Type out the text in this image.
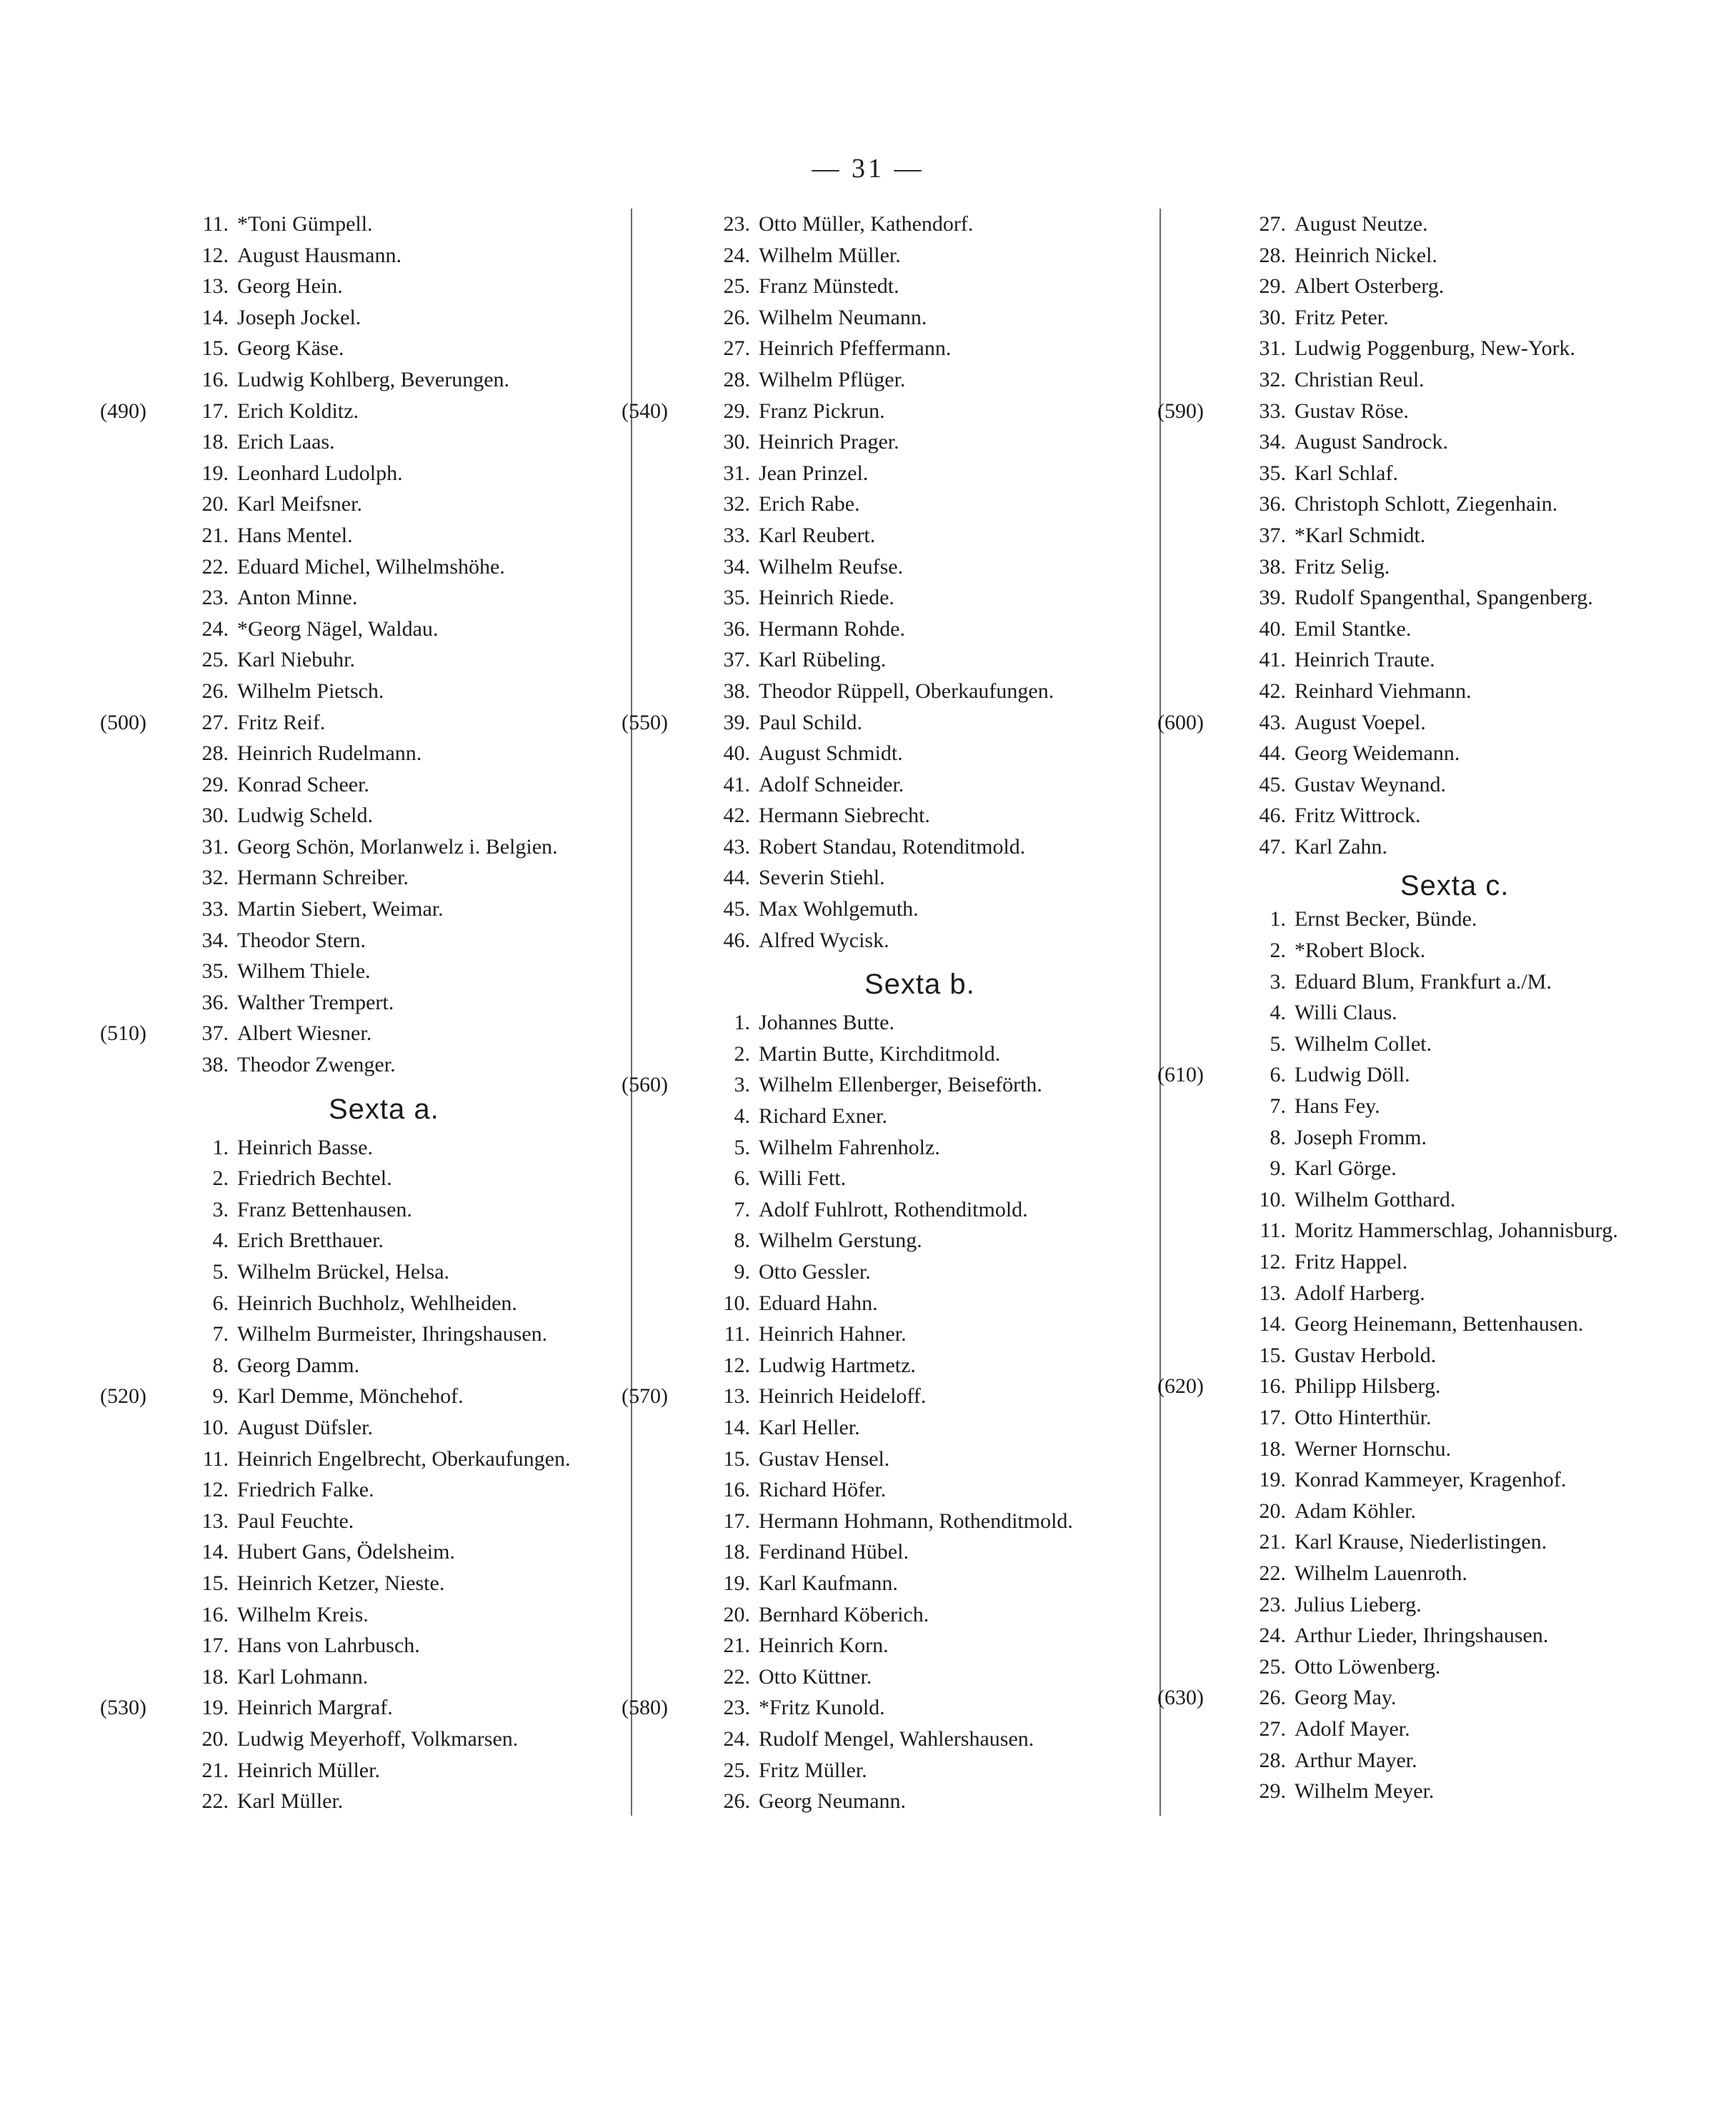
— 31 —
11. *Toni Gümpell.
12. August Hausmann.
13. Georg Hein.
14. Joseph Jockel.
15. Georg Käse.
16. Ludwig Kohlberg, Beverungen.
(490)	17. Erich Kolditz.
18. Erich Laas.
19. Leonhard Ludolph.
20. Karl Meifsner.
21. Hans Mentel.
22. Eduard Michel, Wilhelmshöhe.
23. Anton Minne.
24. *Georg Nägel, Waldau.
25. Karl Niebuhr.
26. Wilhelm Pietsch.
(500)	27. Fritz Reif.
28. Heinrich Rudelmann.
29. Konrad Scheer.
30. Ludwig Scheld.
31. Georg Schön, Morlanwelz i. Belgien.
32. Hermann Schreiber.
33. Martin Siebert, Weimar.
34. Theodor Stern.
35. Wilhem Thiele.
36. Walther Trempert.
(510)	37. Albert Wiesner.
38. Theodor Zwenger.
Sexta a.
1. Heinrich Basse.
2. Friedrich Bechtel.
3. Franz Bettenhausen.
4. Erich Bretthauer.
5. Wilhelm Brückel, Helsa.
6. Heinrich Buchholz, Wehlheiden.
7. Wilhelm Burmeister, Ihringshausen.
8. Georg Damm.
(520)	9. Karl Demme, Mönchehof.
10. August Düfsler.
11. Heinrich Engelbrecht, Oberkaufungen.
12. Friedrich Falke.
13. Paul Feuchte.
14. Hubert Gans, Ödelsheim.
15. Heinrich Ketzer, Nieste.
16. Wilhelm Kreis.
17. Hans von Lahrbusch.
18. Karl Lohmann.
(530)	19. Heinrich Margraf.
20. Ludwig Meyerhoff, Volkmarsen.
21. Heinrich Müller.
22. Karl Müller.
23. Otto Müller, Kathendorf.
24. Wilhelm Müller.
25. Franz Münstedt.
26. Wilhelm Neumann.
27. Heinrich Pfeffermann.
28. Wilhelm Pflüger.
(540)	29. Franz Pickrun.
30. Heinrich Prager.
31. Jean Prinzel.
32. Erich Rabe.
33. Karl Reubert.
34. Wilhelm Reufse.
35. Heinrich Riede.
36. Hermann Rohde.
37. Karl Rübeling.
38. Theodor Rüppell, Oberkaufungen.
(550)	39. Paul Schild.
40. August Schmidt.
41. Adolf Schneider.
42. Hermann Siebrecht.
43. Robert Standau, Rotenditmold.
44. Severin Stiehl.
45. Max Wohlgemuth.
46. Alfred Wycisk.
Sexta b.
1. Johannes Butte.
2. Martin Butte, Kirchditmold.
(560)	3. Wilhelm Ellenberger, Beiseförth.
4. Richard Exner.
5. Wilhelm Fahrenholz.
6. Willi Fett.
7. Adolf Fuhlrott, Rothenditmold.
8. Wilhelm Gerstung.
9. Otto Gessler.
10. Eduard Hahn.
11. Heinrich Hahner.
12. Ludwig Hartmetz.
(570)	13. Heinrich Heideloff.
14. Karl Heller.
15. Gustav Hensel.
16. Richard Höfer.
17. Hermann Hohmann, Rothenditmold.
18. Ferdinand Hübel.
19. Karl Kaufmann.
20. Bernhard Köberich.
21. Heinrich Korn.
22. Otto Küttner.
(580)	23. *Fritz Kunold.
24. Rudolf Mengel, Wahlershausen.
25. Fritz Müller.
26. Georg Neumann.
27. August Neutze.
28. Heinrich Nickel.
29. Albert Osterberg.
30. Fritz Peter.
31. Ludwig Poggenburg, New-York.
32. Christian Reul.
(590)	33. Gustav Röse.
34. August Sandrock.
35. Karl Schlaf.
36. Christoph Schlott, Ziegenhain.
37. *Karl Schmidt.
38. Fritz Selig.
39. Rudolf Spangenthal, Spangenberg.
40. Emil Stantke.
41. Heinrich Traute.
42. Reinhard Viehmann.
(600)	43. August Voepel.
44. Georg Weidemann.
45. Gustav Weynand.
46. Fritz Wittrock.
47. Karl Zahn.
Sexta c.
1. Ernst Becker, Bünde.
2. *Robert Block.
3. Eduard Blum, Frankfurt a./M.
4. Willi Claus.
5. Wilhelm Collet.
(610)	6. Ludwig Döll.
7. Hans Fey.
8. Joseph Fromm.
9. Karl Görge.
10. Wilhelm Gotthard.
11. Moritz Hammerschlag, Johannisburg.
12. Fritz Happel.
13. Adolf Harberg.
14. Georg Heinemann, Bettenhausen.
15. Gustav Herbold.
(620)	16. Philipp Hilsberg.
17. Otto Hinterthür.
18. Werner Hornschu.
19. Konrad Kammeyer, Kragenhof.
20. Adam Köhler.
21. Karl Krause, Niederlistingen.
22. Wilhelm Lauenroth.
23. Julius Lieberg.
24. Arthur Lieder, Ihringshausen.
25. Otto Löwenberg.
(630)	26. Georg May.
27. Adolf Mayer.
28. Arthur Mayer.
29. Wilhelm Meyer.
